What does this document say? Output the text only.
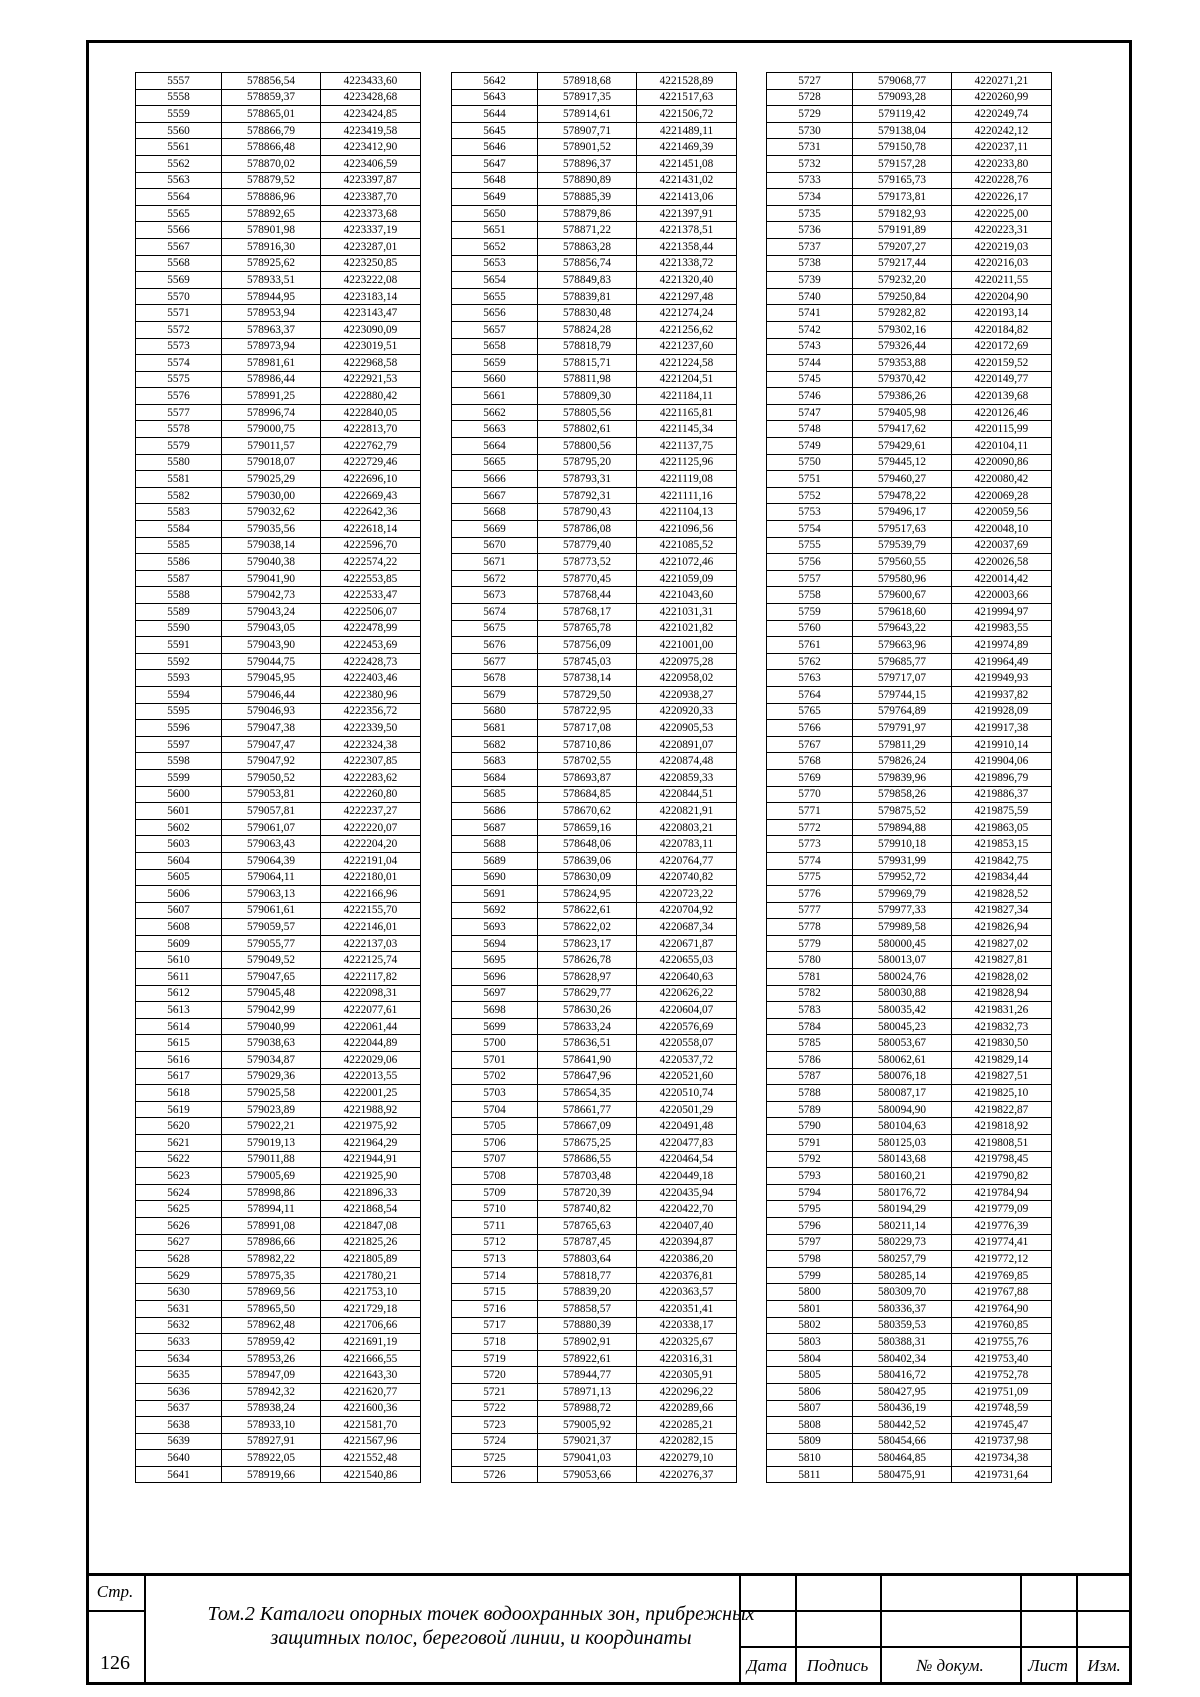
5557	578856,54	4223433,60
5558	578859,37	4223428,68
5559	578865,01	4223424,85
5560	578866,79	4223419,58
5561	578866,48	4223412,90
5562	578870,02	4223406,59
5563	578879,52	4223397,87
5564	578886,96	4223387,70
5565	578892,65	4223373,68
5566	578901,98	4223337,19
5567	578916,30	4223287,01
5568	578925,62	4223250,85
5569	578933,51	4223222,08
5570	578944,95	4223183,14
5571	578953,94	4223143,47
5572	578963,37	4223090,09
5573	578973,94	4223019,51
5574	578981,61	4222968,58
5575	578986,44	4222921,53
5576	578991,25	4222880,42
5577	578996,74	4222840,05
5578	579000,75	4222813,70
5579	579011,57	4222762,79
5580	579018,07	4222729,46
5581	579025,29	4222696,10
5582	579030,00	4222669,43
5583	579032,62	4222642,36
5584	579035,56	4222618,14
5585	579038,14	4222596,70
5586	579040,38	4222574,22
5587	579041,90	4222553,85
5588	579042,73	4222533,47
5589	579043,24	4222506,07
5590	579043,05	4222478,99
5591	579043,90	4222453,69
5592	579044,75	4222428,73
5593	579045,95	4222403,46
5594	579046,44	4222380,96
5595	579046,93	4222356,72
5596	579047,38	4222339,50
5597	579047,47	4222324,38
5598	579047,92	4222307,85
5599	579050,52	4222283,62
5600	579053,81	4222260,80
5601	579057,81	4222237,27
5602	579061,07	4222220,07
5603	579063,43	4222204,20
5604	579064,39	4222191,04
5605	579064,11	4222180,01
5606	579063,13	4222166,96
5607	579061,61	4222155,70
5608	579059,57	4222146,01
5609	579055,77	4222137,03
5610	579049,52	4222125,74
5611	579047,65	4222117,82
5612	579045,48	4222098,31
5613	579042,99	4222077,61
5614	579040,99	4222061,44
5615	579038,63	4222044,89
5616	579034,87	4222029,06
5617	579029,36	4222013,55
5618	579025,58	4222001,25
5619	579023,89	4221988,92
5620	579022,21	4221975,92
5621	579019,13	4221964,29
5622	579011,88	4221944,91
5623	579005,69	4221925,90
5624	578998,86	4221896,33
5625	578994,11	4221868,54
5626	578991,08	4221847,08
5627	578986,66	4221825,26
5628	578982,22	4221805,89
5629	578975,35	4221780,21
5630	578969,56	4221753,10
5631	578965,50	4221729,18
5632	578962,48	4221706,66
5633	578959,42	4221691,19
5634	578953,26	4221666,55
5635	578947,09	4221643,30
5636	578942,32	4221620,77
5637	578938,24	4221600,36
5638	578933,10	4221581,70
5639	578927,91	4221567,96
5640	578922,05	4221552,48
5641	578919,66	4221540,86
5642	578918,68	4221528,89
5643	578917,35	4221517,63
5644	578914,61	4221506,72
5645	578907,71	4221489,11
5646	578901,52	4221469,39
5647	578896,37	4221451,08
5648	578890,89	4221431,02
5649	578885,39	4221413,06
5650	578879,86	4221397,91
5651	578871,22	4221378,51
5652	578863,28	4221358,44
5653	578856,74	4221338,72
5654	578849,83	4221320,40
5655	578839,81	4221297,48
5656	578830,48	4221274,24
5657	578824,28	4221256,62
5658	578818,79	4221237,60
5659	578815,71	4221224,58
5660	578811,98	4221204,51
5661	578809,30	4221184,11
5662	578805,56	4221165,81
5663	578802,61	4221145,34
5664	578800,56	4221137,75
5665	578795,20	4221125,96
5666	578793,31	4221119,08
5667	578792,31	4221111,16
5668	578790,43	4221104,13
5669	578786,08	4221096,56
5670	578779,40	4221085,52
5671	578773,52	4221072,46
5672	578770,45	4221059,09
5673	578768,44	4221043,60
5674	578768,17	4221031,31
5675	578765,78	4221021,82
5676	578756,09	4221001,00
5677	578745,03	4220975,28
5678	578738,14	4220958,02
5679	578729,50	4220938,27
5680	578722,95	4220920,33
5681	578717,08	4220905,53
5682	578710,86	4220891,07
5683	578702,55	4220874,48
5684	578693,87	4220859,33
5685	578684,85	4220844,51
5686	578670,62	4220821,91
5687	578659,16	4220803,21
5688	578648,06	4220783,11
5689	578639,06	4220764,77
5690	578630,09	4220740,82
5691	578624,95	4220723,22
5692	578622,61	4220704,92
5693	578622,02	4220687,34
5694	578623,17	4220671,87
5695	578626,78	4220655,03
5696	578628,97	4220640,63
5697	578629,77	4220626,22
5698	578630,26	4220604,07
5699	578633,24	4220576,69
5700	578636,51	4220558,07
5701	578641,90	4220537,72
5702	578647,96	4220521,60
5703	578654,35	4220510,74
5704	578661,77	4220501,29
5705	578667,09	4220491,48
5706	578675,25	4220477,83
5707	578686,55	4220464,54
5708	578703,48	4220449,18
5709	578720,39	4220435,94
5710	578740,82	4220422,70
5711	578765,63	4220407,40
5712	578787,45	4220394,87
5713	578803,64	4220386,20
5714	578818,77	4220376,81
5715	578839,20	4220363,57
5716	578858,57	4220351,41
5717	578880,39	4220338,17
5718	578902,91	4220325,67
5719	578922,61	4220316,31
5720	578944,77	4220305,91
5721	578971,13	4220296,22
5722	578988,72	4220289,66
5723	579005,92	4220285,21
5724	579021,37	4220282,15
5725	579041,03	4220279,10
5726	579053,66	4220276,37
5727	579068,77	4220271,21
5728	579093,28	4220260,99
5729	579119,42	4220249,74
5730	579138,04	4220242,12
5731	579150,78	4220237,11
5732	579157,28	4220233,80
5733	579165,73	4220228,76
5734	579173,81	4220226,17
5735	579182,93	4220225,00
5736	579191,89	4220223,31
5737	579207,27	4220219,03
5738	579217,44	4220216,03
5739	579232,20	4220211,55
5740	579250,84	4220204,90
5741	579282,82	4220193,14
5742	579302,16	4220184,82
5743	579326,44	4220172,69
5744	579353,88	4220159,52
5745	579370,42	4220149,77
5746	579386,26	4220139,68
5747	579405,98	4220126,46
5748	579417,62	4220115,99
5749	579429,61	4220104,11
5750	579445,12	4220090,86
5751	579460,27	4220080,42
5752	579478,22	4220069,28
5753	579496,17	4220059,56
5754	579517,63	4220048,10
5755	579539,79	4220037,69
5756	579560,55	4220026,58
5757	579580,96	4220014,42
5758	579600,67	4220003,66
5759	579618,60	4219994,97
5760	579643,22	4219983,55
5761	579663,96	4219974,89
5762	579685,77	4219964,49
5763	579717,07	4219949,93
5764	579744,15	4219937,82
5765	579764,89	4219928,09
5766	579791,97	4219917,38
5767	579811,29	4219910,14
5768	579826,24	4219904,06
5769	579839,96	4219896,79
5770	579858,26	4219886,37
5771	579875,52	4219875,59
5772	579894,88	4219863,05
5773	579910,18	4219853,15
5774	579931,99	4219842,75
5775	579952,72	4219834,44
5776	579969,79	4219828,52
5777	579977,33	4219827,34
5778	579989,58	4219826,94
5779	580000,45	4219827,02
5780	580013,07	4219827,81
5781	580024,76	4219828,02
5782	580030,88	4219828,94
5783	580035,42	4219831,26
5784	580045,23	4219832,73
5785	580053,67	4219830,50
5786	580062,61	4219829,14
5787	580076,18	4219827,51
5788	580087,17	4219825,10
5789	580094,90	4219822,87
5790	580104,63	4219818,92
5791	580125,03	4219808,51
5792	580143,68	4219798,45
5793	580160,21	4219790,82
5794	580176,72	4219784,94
5795	580194,29	4219779,09
5796	580211,14	4219776,39
5797	580229,73	4219774,41
5798	580257,79	4219772,12
5799	580285,14	4219769,85
5800	580309,70	4219767,88
5801	580336,37	4219764,90
5802	580359,53	4219760,85
5803	580388,31	4219755,76
5804	580402,34	4219753,40
5805	580416,72	4219752,78
5806	580427,95	4219751,09
5807	580436,19	4219748,59
5808	580442,52	4219745,47
5809	580454,66	4219737,98
5810	580464,85	4219734,38
5811	580475,91	4219731,64
Стр.
126
Том.2 Каталоги опорных точек водоохранных зон, прибрежных
защитных полос, береговой линии, и координаты
Дата	Подпись	№ докум.	Лист	Изм.
